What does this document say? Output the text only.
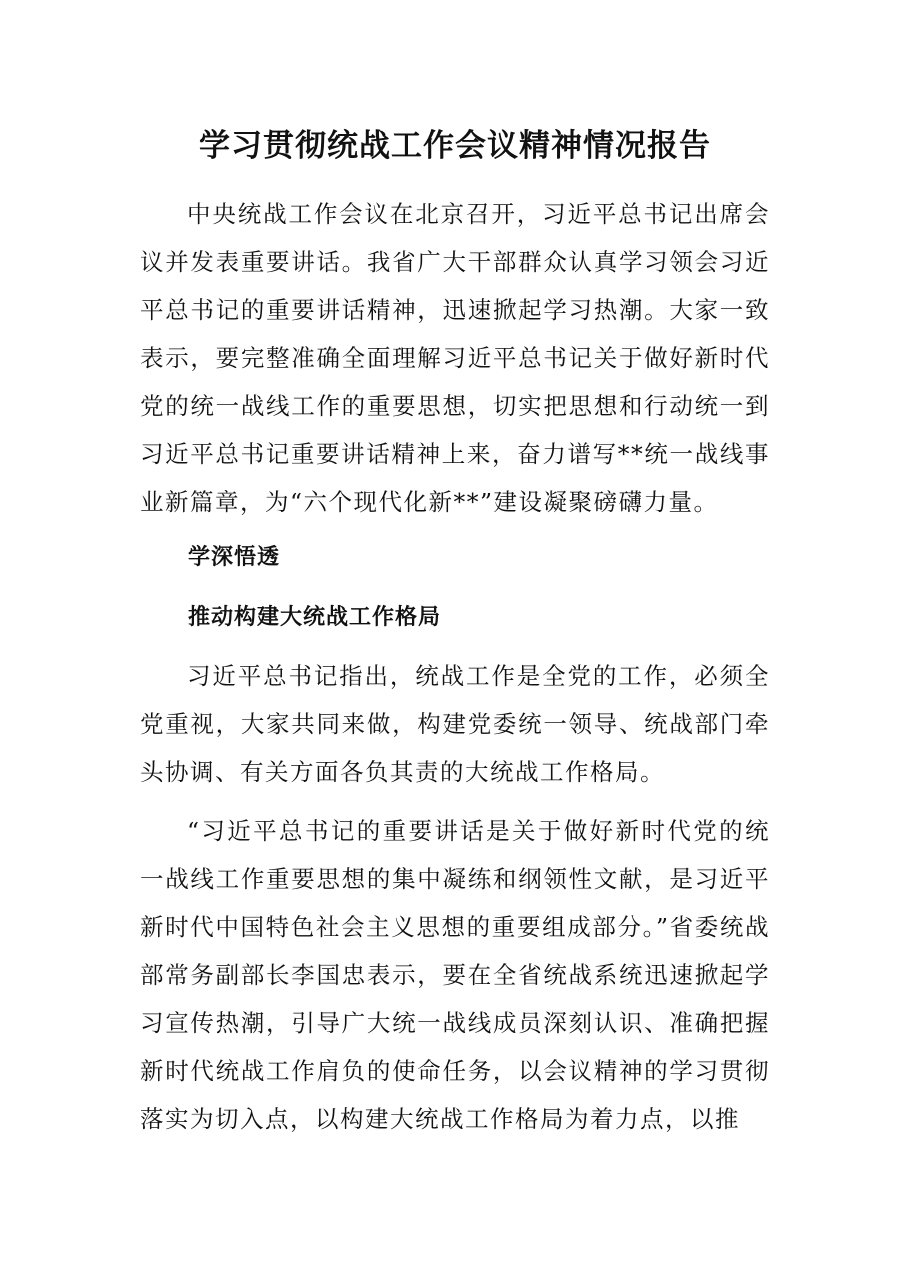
学习贯彻统战工作会议精神情况报告

中央统战工作会议在北京召开，习近平总书记出席会议并发表重要讲话。我省广大干部群众认真学习领会习近平总书记的重要讲话精神，迅速掀起学习热潮。大家一致表示，要完整准确全面理解习近平总书记关于做好新时代党的统一战线工作的重要思想，切实把思想和行动统一到习近平总书记重要讲话精神上来，奋力谱写**统一战线事业新篇章，为“六个现代化新**”建设凝聚磅礴力量。

学深悟透
推动构建大统战工作格局

习近平总书记指出，统战工作是全党的工作，必须全党重视，大家共同来做，构建党委统一领导、统战部门牵头协调、有关方面各负其责的大统战工作格局。

“习近平总书记的重要讲话是关于做好新时代党的统一战线工作重要思想的集中凝练和纲领性文献，是习近平新时代中国特色社会主义思想的重要组成部分。”省委统战部常务副部长李国忠表示，要在全省统战系统迅速掀起学习宣传热潮，引导广大统一战线成员深刻认识、准确把握新时代统战工作肩负的使命任务，以会议精神的学习贯彻落实为切入点，以构建大统战工作格局为着力点，以推
